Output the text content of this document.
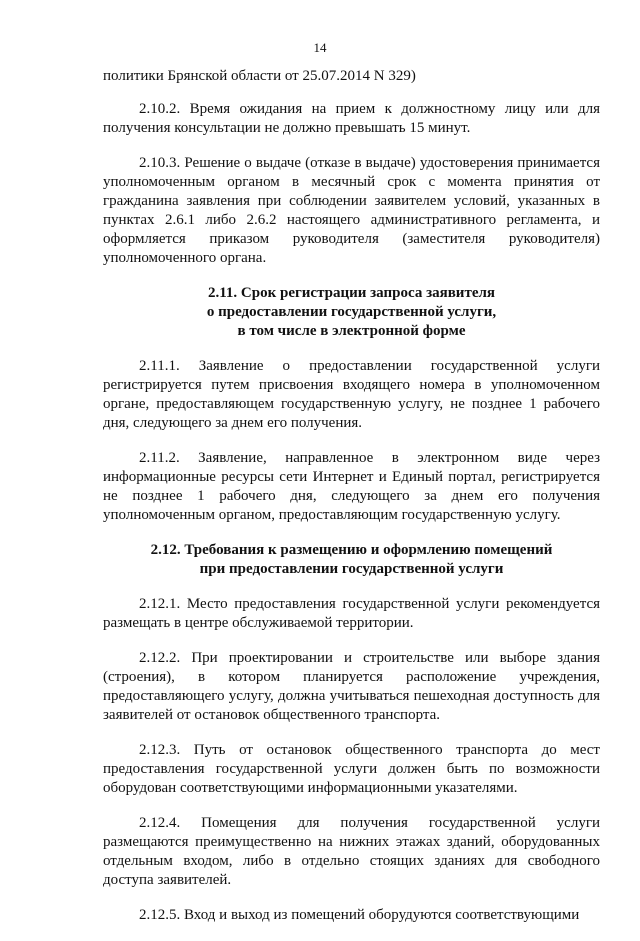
14

политики Брянской области от 25.07.2014 N 329)

2.10.2. Время ожидания на прием к должностному лицу или для получения консультации не должно превышать 15 минут.

2.10.3. Решение о выдаче (отказе в выдаче) удостоверения принимается уполномоченным органом в месячный срок с момента принятия от гражданина заявления при соблюдении заявителем условий, указанных в пунктах 2.6.1 либо 2.6.2 настоящего административного регламента, и оформляется приказом руководителя (заместителя руководителя) уполномоченного органа.

2.11. Срок регистрации запроса заявителя
о предоставлении государственной услуги,
в том числе в электронной форме

2.11.1. Заявление о предоставлении государственной услуги регистрируется путем присвоения входящего номера в уполномоченном органе, предоставляющем государственную услугу, не позднее 1 рабочего дня, следующего за днем его получения.

2.11.2. Заявление, направленное в электронном виде через информационные ресурсы сети Интернет и Единый портал, регистрируется не позднее 1 рабочего дня, следующего за днем его получения уполномоченным органом, предоставляющим государственную услугу.

2.12. Требования к размещению и оформлению помещений
при предоставлении государственной услуги

2.12.1. Место предоставления государственной услуги рекомендуется размещать в центре обслуживаемой территории.

2.12.2. При проектировании и строительстве или выборе здания (строения), в котором планируется расположение учреждения, предоставляющего услугу, должна учитываться пешеходная доступность для заявителей от остановок общественного транспорта.

2.12.3. Путь от остановок общественного транспорта до мест предоставления государственной услуги должен быть по возможности оборудован соответствующими информационными указателями.

2.12.4. Помещения для получения государственной услуги размещаются преимущественно на нижних этажах зданий, оборудованных отдельным входом, либо в отдельно стоящих зданиях для свободного доступа заявителей.

2.12.5. Вход и выход из помещений оборудуются соответствующими
